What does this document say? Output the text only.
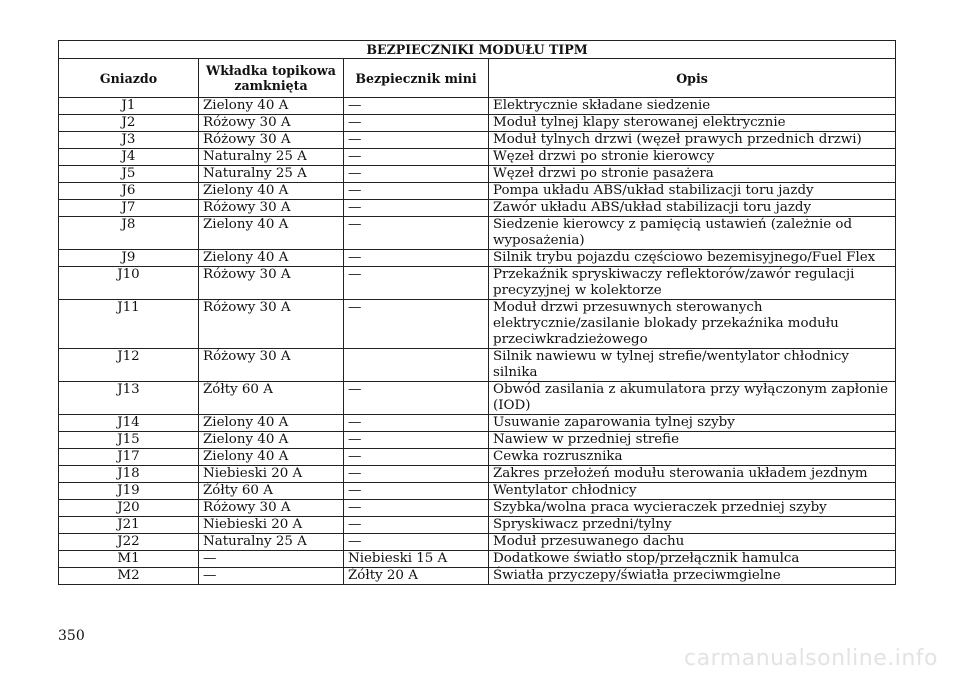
BEZPIECZNIKI MODUŁU TIPM			
Gniazdo	Wkładka topikowa zamknięta	Bezpiecznik mini	Opis
J1	Zielony 40 A	—	Elektrycznie składane siedzenie
J2	Różowy 30 A	—	Moduł tylnej klapy sterowanej elektrycznie
J3	Różowy 30 A	—	Moduł tylnych drzwi (węzeł prawych przednich drzwi)
J4	Naturalny 25 A	—	Węzeł drzwi po stronie kierowcy
J5	Naturalny 25 A	—	Węzeł drzwi po stronie pasażera
J6	Zielony 40 A	—	Pompa układu ABS/układ stabilizacji toru jazdy
J7	Różowy 30 A	—	Zawór układu ABS/układ stabilizacji toru jazdy
J8	Zielony 40 A	—	Siedzenie kierowcy z pamięcią ustawień (zależnie od wyposażenia)
J9	Zielony 40 A	—	Silnik trybu pojazdu częściowo bezemisyjnego/Fuel Flex
J10	Różowy 30 A	—	Przekaźnik spryskiwaczy reflektorów/zawór regulacji precyzyjnej w kolektorze
J11	Różowy 30 A	—	Moduł drzwi przesuwnych sterowanych elektrycznie/zasilanie blokady przekaźnika modułu przeciwkradzieżowego
J12	Różowy 30 A		Silnik nawiewu w tylnej strefie/wentylator chłodnicy silnika
J13	Żółty 60 A	—	Obwód zasilania z akumulatora przy wyłączonym zapłonie (IOD)
J14	Zielony 40 A	—	Usuwanie zaparowania tylnej szyby
J15	Zielony 40 A	—	Nawiew w przedniej strefie
J17	Zielony 40 A	—	Cewka rozrusznika
J18	Niebieski 20 A	—	Zakres przełożeń modułu sterowania układem jezdnym
J19	Żółty 60 A	—	Wentylator chłodnicy
J20	Różowy 30 A	—	Szybka/wolna praca wycieraczek przedniej szyby
J21	Niebieski 20 A	—	Spryskiwacz przedni/tylny
J22	Naturalny 25 A	—	Moduł przesuwanego dachu
M1	—	Niebieski 15 A	Dodatkowe światło stop/przełącznik hamulca
M2	—	Żółty 20 A	Światła przyczepy/światła przeciwmgielne
350
carmanualsonline.info
